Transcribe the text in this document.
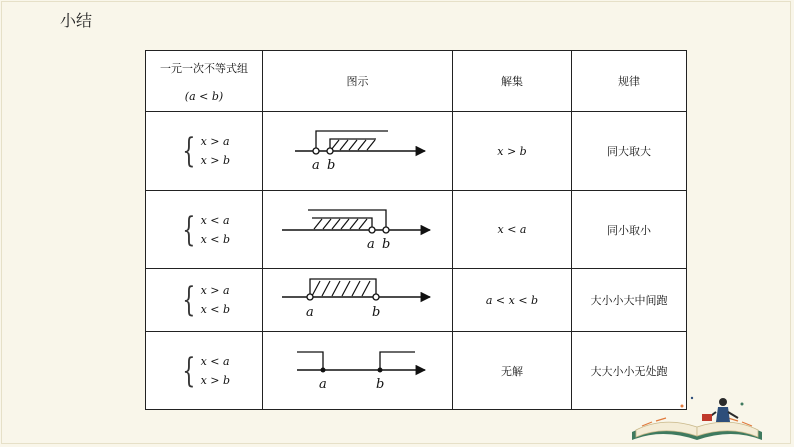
小结
一元一次不等式组
(a < b)	图示	解集	规律

{ x > a
x > b	a b	x > b	同大取大

{ x < a
x < b	a b	x < a	同小取小

{ x > a
x < b	a b	a < x < b	大小小大中间跑

{ x < a
x > b	a b	无解	大大小小无处跑
